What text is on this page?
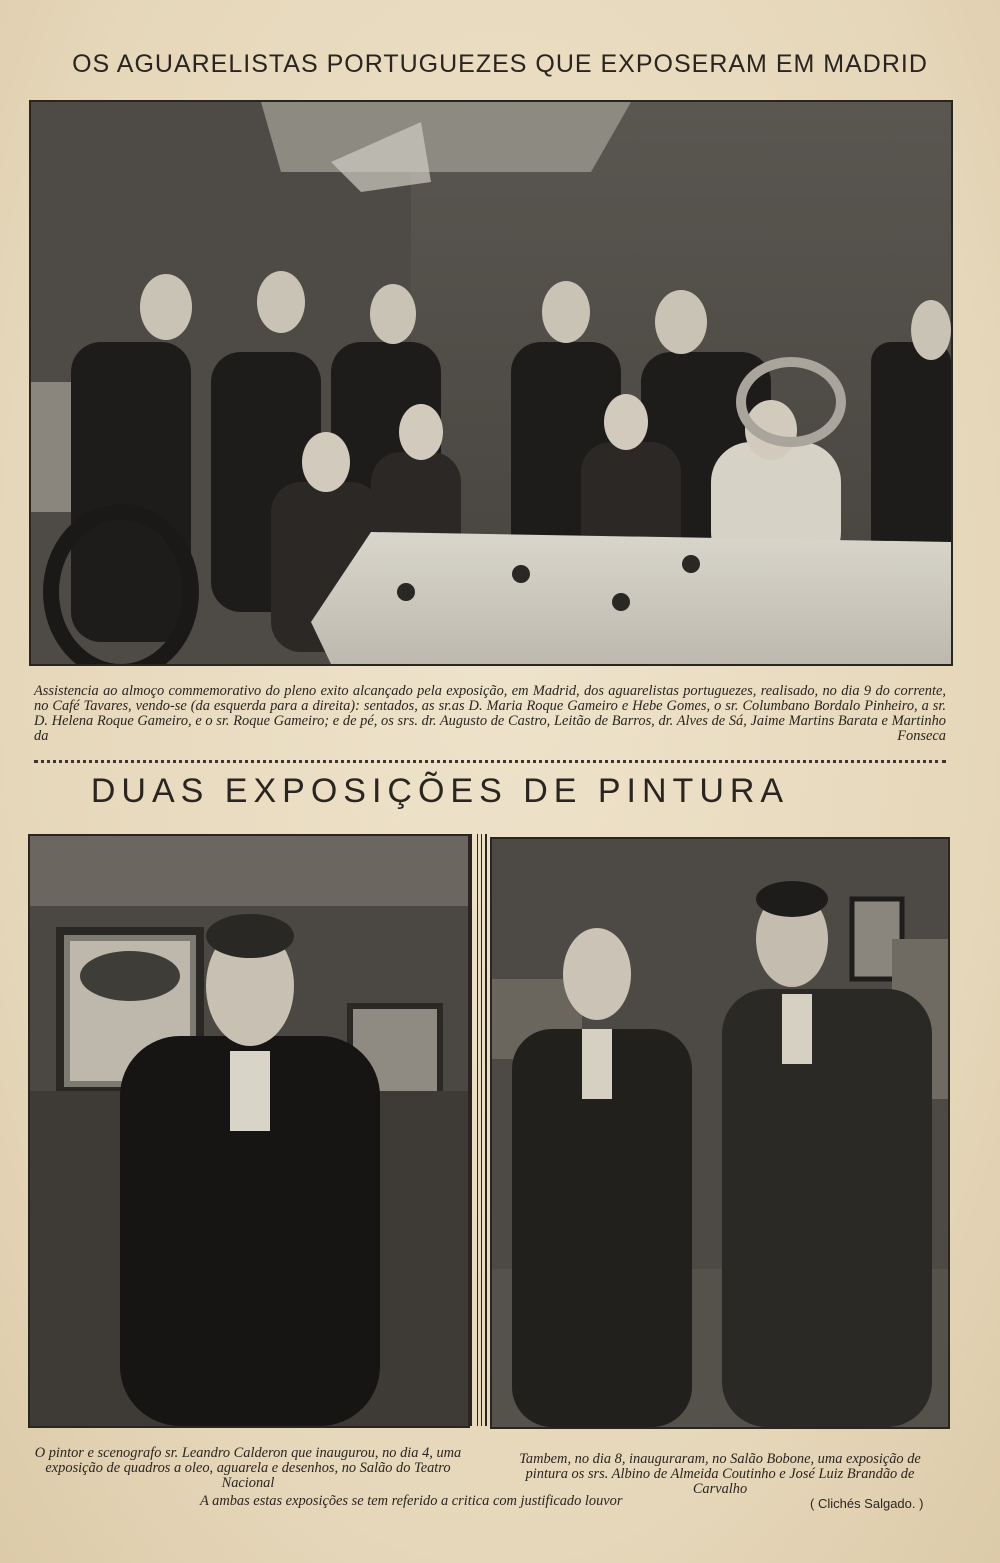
OS AGUARELISTAS PORTUGUEZES QUE EXPOSERAM EM MADRID
Assistencia ao almoço commemorativo do pleno exito alcançado pela exposição, em Madrid, dos aguarelistas portuguezes, realisado, no dia 9 do corrente, no Café Tavares, vendo-se (da esquerda para a direita): sentados, as sr.as D. Maria Roque Gameiro e Hebe Gomes, o sr. Columbano Bordalo Pinheiro, a sr. D. Helena Roque Gameiro, e o sr. Roque Gameiro; e de pé, os srs. dr. Augusto de Castro, Leitão de Barros, dr. Alves de Sá, Jaime Martins Barata e Martinho da Fonseca
DUAS EXPOSIÇÕES DE PINTURA
O pintor e scenografo sr. Leandro Calderon que inaugurou, no dia 4, uma exposição de quadros a oleo, aguarela e desenhos, no Salão do Teatro Nacional
Tambem, no dia 8, inauguraram, no Salão Bobone, uma exposição de pintura os srs. Albino de Almeida Coutinho e José Luiz Brandão de Carvalho
A ambas estas exposições se tem referido a critica com justificado louvor	( Clichés Salgado. )
